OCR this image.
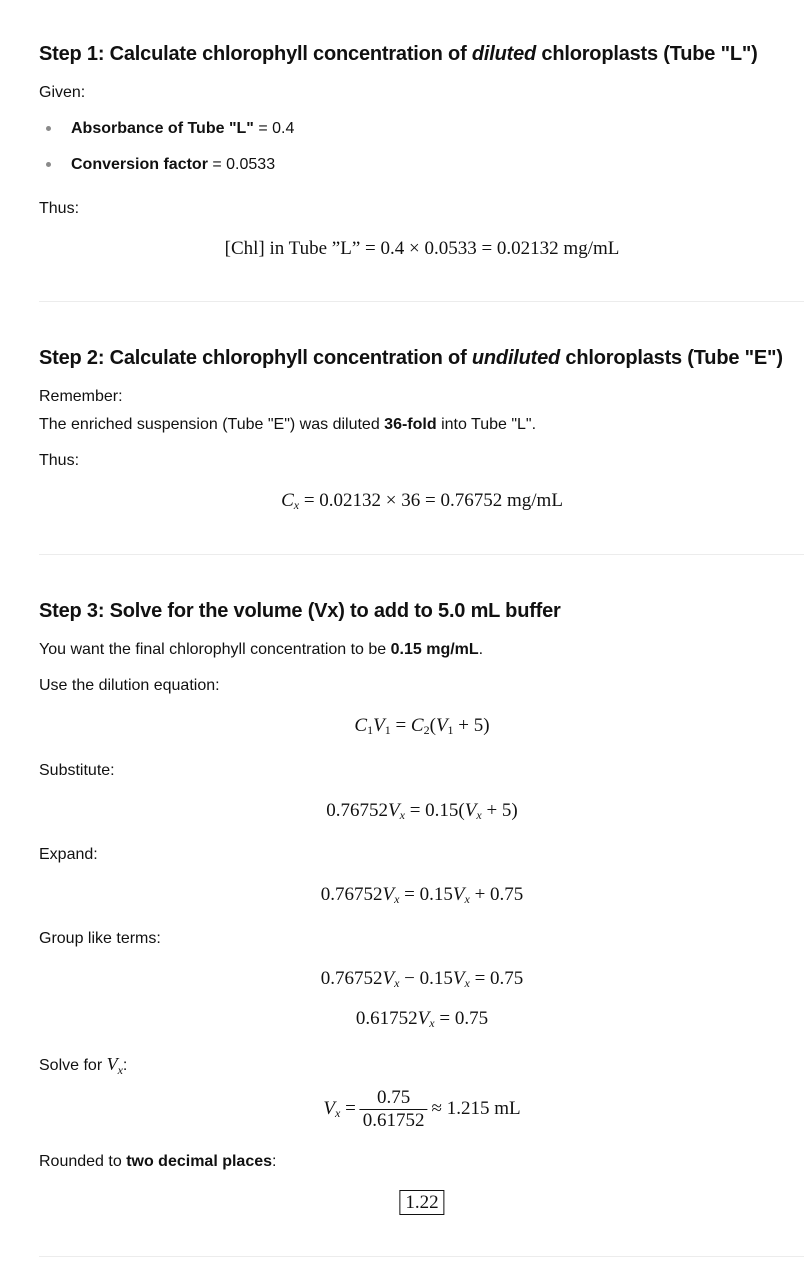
Step 1: Calculate chlorophyll concentration of diluted chloroplasts (Tube "L")
Given:
Absorbance of Tube "L" = 0.4
Conversion factor = 0.0533
Thus:
[Chl] in Tube ”L” = 0.4 × 0.0533 = 0.02132 mg/mL
Step 2: Calculate chlorophyll concentration of undiluted chloroplasts (Tube "E")
Remember:
The enriched suspension (Tube "E") was diluted 36-fold into Tube "L".
Thus:
$C_x = 0.02132 \times 36 = 0.76752$ mg/mL
Step 3: Solve for the volume (Vx) to add to 5.0 mL buffer
You want the final chlorophyll concentration to be 0.15 mg/mL.
Use the dilution equation:
$C_1V_1 = C_2(V_1 + 5)$
Substitute:
$0.76752V_x = 0.15(V_x + 5)$
Expand:
$0.76752V_x = 0.15V_x + 0.75$
Group like terms:
$0.76752V_x - 0.15V_x = 0.75$
$0.61752V_x = 0.75$
Solve for $V_x$:
$V_x = \frac{0.75}{0.61752} \approx 1.215$ mL
Rounded to two decimal places:
1.22
